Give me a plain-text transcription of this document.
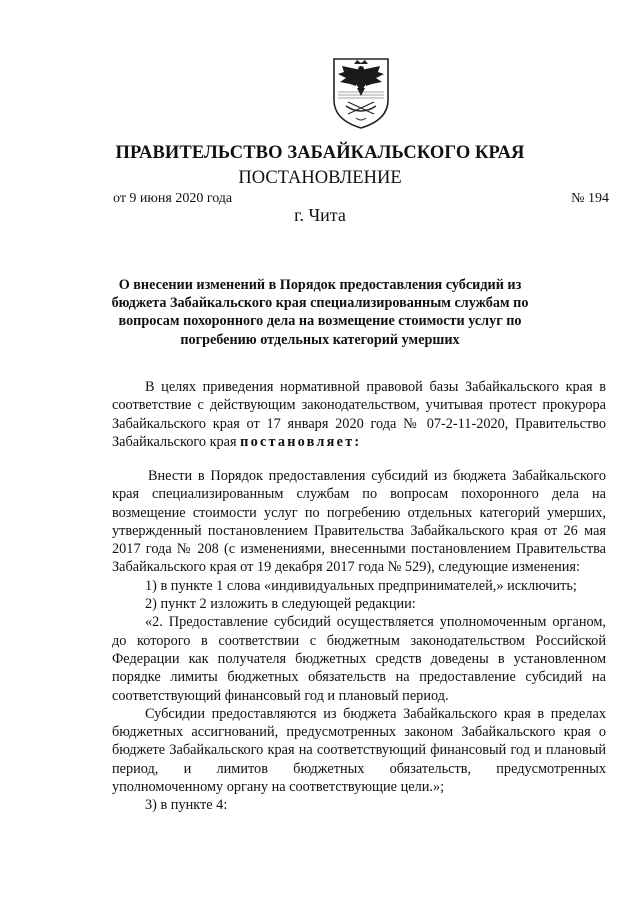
ПРАВИТЕЛЬСТВО ЗАБАЙКАЛЬСКОГО КРАЯ
ПОСТАНОВЛЕНИЕ
от 9 июня 2020 года	№ 194
г. Чита
О внесении изменений в Порядок предоставления субсидий из бюджета Забайкальского края специализированным службам по вопросам похоронного дела на возмещение стоимости услуг по погребению отдельных категорий умерших

В целях приведения нормативной правовой базы Забайкальского края в соответствие с действующим законодательством, учитывая протест прокурора Забайкальского края от 17 января 2020 года № 07-2-11-2020, Правительство Забайкальского края постановляет:

Внести в Порядок предоставления субсидий из бюджета Забайкальского края специализированным службам по вопросам похоронного дела на возмещение стоимости услуг по погребению отдельных категорий умерших, утвержденный постановлением Правительства Забайкальского края от 26 мая 2017 года № 208 (с изменениями, внесенными постановлением Правительства Забайкальского края от 19 декабря 2017 года № 529), следующие изменения:

1) в пункте 1 слова «индивидуальных предпринимателей,» исключить;

2) пункт 2 изложить в следующей редакции:

«2. Предоставление субсидий осуществляется уполномоченным органом, до которого в соответствии с бюджетным законодательством Российской Федерации как получателя бюджетных средств доведены в установленном порядке лимиты бюджетных обязательств на предоставление субсидий на соответствующий финансовый год и плановый период.

Субсидии предоставляются из бюджета Забайкальского края в пределах бюджетных ассигнований, предусмотренных законом Забайкальского края о бюджете Забайкальского края на соответствующий финансовый год и плановый период, и лимитов бюджетных обязательств, предусмотренных уполномоченному органу на соответствующие цели.»;

3) в пункте 4:
